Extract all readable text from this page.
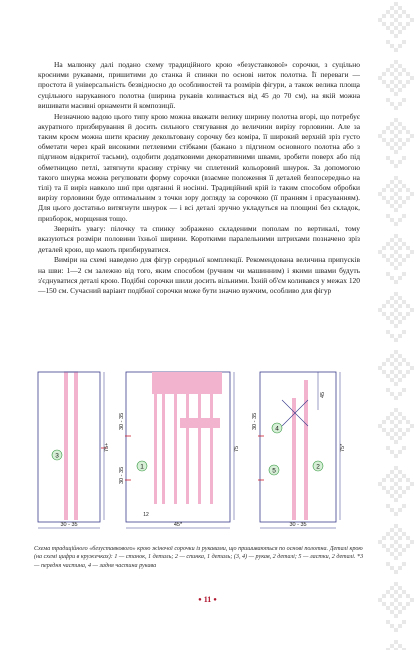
На малюнку далі подано схему традиційного крою «безуставкової» сорочки, з суцільно кроєними рукавами, пришитими до станка й спинки по основі ниток полотна. Її переваги — простота й універсальність безвідносно до особливостей та розмірів фігури, а також велика площа суцільного нарукавного полотна (ширина рукавів коливається від 45 до 70 см), на якій можна вишивати масивні орнаменти й композиції.

Незначною вадою цього типу крою можна вважати велику ширину полотна вгорі, що потребує акуратного призбирування й досить сильного стягування до величини вирізу горловини. Але за таким кроєм можна шити красиву декольтовану сорочку без коміра, її широкий верхній зріз густо обметати через край високими петлевими стібками (бажано з підгином основного полотна або з підгином відкритої тасьми), оздобити додатковими декоративними швами, зробити поверх або під обметницею петлі, затягнути красиву стрічку чи сплетений кольоровий шнурок. За допомогою такого шнурка можна регулювати форму сорочки (взаємне положення її деталей безпосередньо на тілі) та її виріз навколо шиї при одяганні й носінні. Традиційний крій із таким способом обробки вирізу горловини буде оптимальним з точки зору догляду за сорочкою (її пранням і прасуванням). Для цього достатньо витягнути шнурок — і всі деталі зручно укладуться на площині без складок, призборок, морщення тощо.

Зверніть увагу: пілочку та спинку зображено складеними пополам по вертикалі, тому вказуються розміри половини їхньої ширини. Короткими паралельними штрихами позначено зріз деталей крою, що мають призбируватися.

Виміри на схемі наведено для фігур середньої комплекції. Рекомендована величина припусків на шви: 1—2 см залежно від того, яким способом (ручним чи машинним) і якими швами будуть з'єднуватися деталі крою. Подібні сорочки шили досить вільними. Їхній об'єм коливався у межах 120—150 см. Сучасний варіант подібної сорочки може бути значно вужчим, особливо для фігур

3
75+
30 - 35
1
30 - 35
30 - 35
75
45*
12
45
4
5
2
30 - 35
75*
30 - 35
Схема традиційного «безуставкового» крою жіночої сорочки із рукавами, що пришиваються по основі полотна. Деталі крою (на схемі цифри в кружечках): 1 — станок, 1 деталь; 2 — спинка, 1 деталь; (3, 4) — рукав, 2 деталі; 5 — ластки, 2 деталі. *3 — передня частина, 4 — задня частина рукава
● 11 ●
